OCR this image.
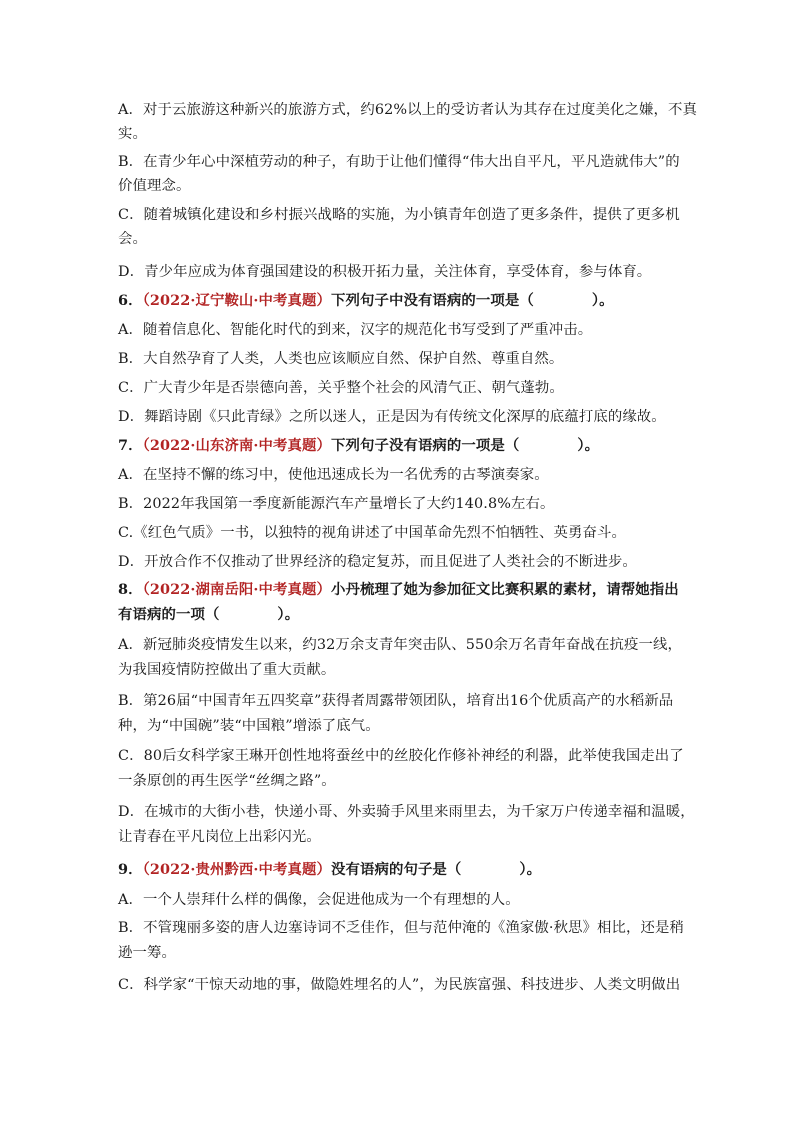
A．对于云旅游这种新兴的旅游方式，约62%以上的受访者认为其存在过度美化之嫌，不真
实。
B．在青少年心中深植劳动的种子，有助于让他们懂得“伟大出自平凡，平凡造就伟大”的
价值理念。
C．随着城镇化建设和乡村振兴战略的实施，为小镇青年创造了更多条件，提供了更多机
会。
D．青少年应成为体育强国建设的积极开拓力量，关注体育，享受体育，参与体育。
6．（2022·辽宁鞍山·中考真题）下列句子中没有语病的一项是（　　　　）。
A．随着信息化、智能化时代的到来，汉字的规范化书写受到了严重冲击。
B．大自然孕育了人类，人类也应该顺应自然、保护自然、尊重自然。
C．广大青少年是否崇德向善，关乎整个社会的风清气正、朝气蓬勃。
D．舞蹈诗剧《只此青绿》之所以迷人，正是因为有传统文化深厚的底蕴打底的缘故。
7．（2022·山东济南·中考真题）下列句子没有语病的一项是（　　　　）。
A．在坚持不懈的练习中，使他迅速成长为一名优秀的古琴演奏家。
B．2022年我国第一季度新能源汽车产量增长了大约140.8%左右。
C.《红色气质》一书，以独特的视角讲述了中国革命先烈不怕牺牲、英勇奋斗。
D．开放合作不仅推动了世界经济的稳定复苏，而且促进了人类社会的不断进步。
8．（2022·湖南岳阳·中考真题）小丹梳理了她为参加征文比赛积累的素材，请帮她指出
有语病的一项（　　　　）。
A．新冠肺炎疫情发生以来，约32万余支青年突击队、550余万名青年奋战在抗疫一线，
为我国疫情防控做出了重大贡献。
B．第26届“中国青年五四奖章”获得者周露带领团队，培育出16个优质高产的水稻新品
种，为“中国碗”装“中国粮”增添了底气。
C．80后女科学家王琳开创性地将蚕丝中的丝胶化作修补神经的利器，此举使我国走出了
一条原创的再生医学“丝绸之路”。
D．在城市的大街小巷，快递小哥、外卖骑手风里来雨里去，为千家万户传递幸福和温暖，
让青春在平凡岗位上出彩闪光。
9．（2022·贵州黔西·中考真题）没有语病的句子是（　　　　）。
A．一个人崇拜什么样的偶像，会促进他成为一个有理想的人。
B．不管瑰丽多姿的唐人边塞诗词不乏佳作，但与范仲淹的《渔家傲·秋思》相比，还是稍
逊一筹。
C．科学家“干惊天动地的事，做隐姓埋名的人”，为民族富强、科技进步、人类文明做出
